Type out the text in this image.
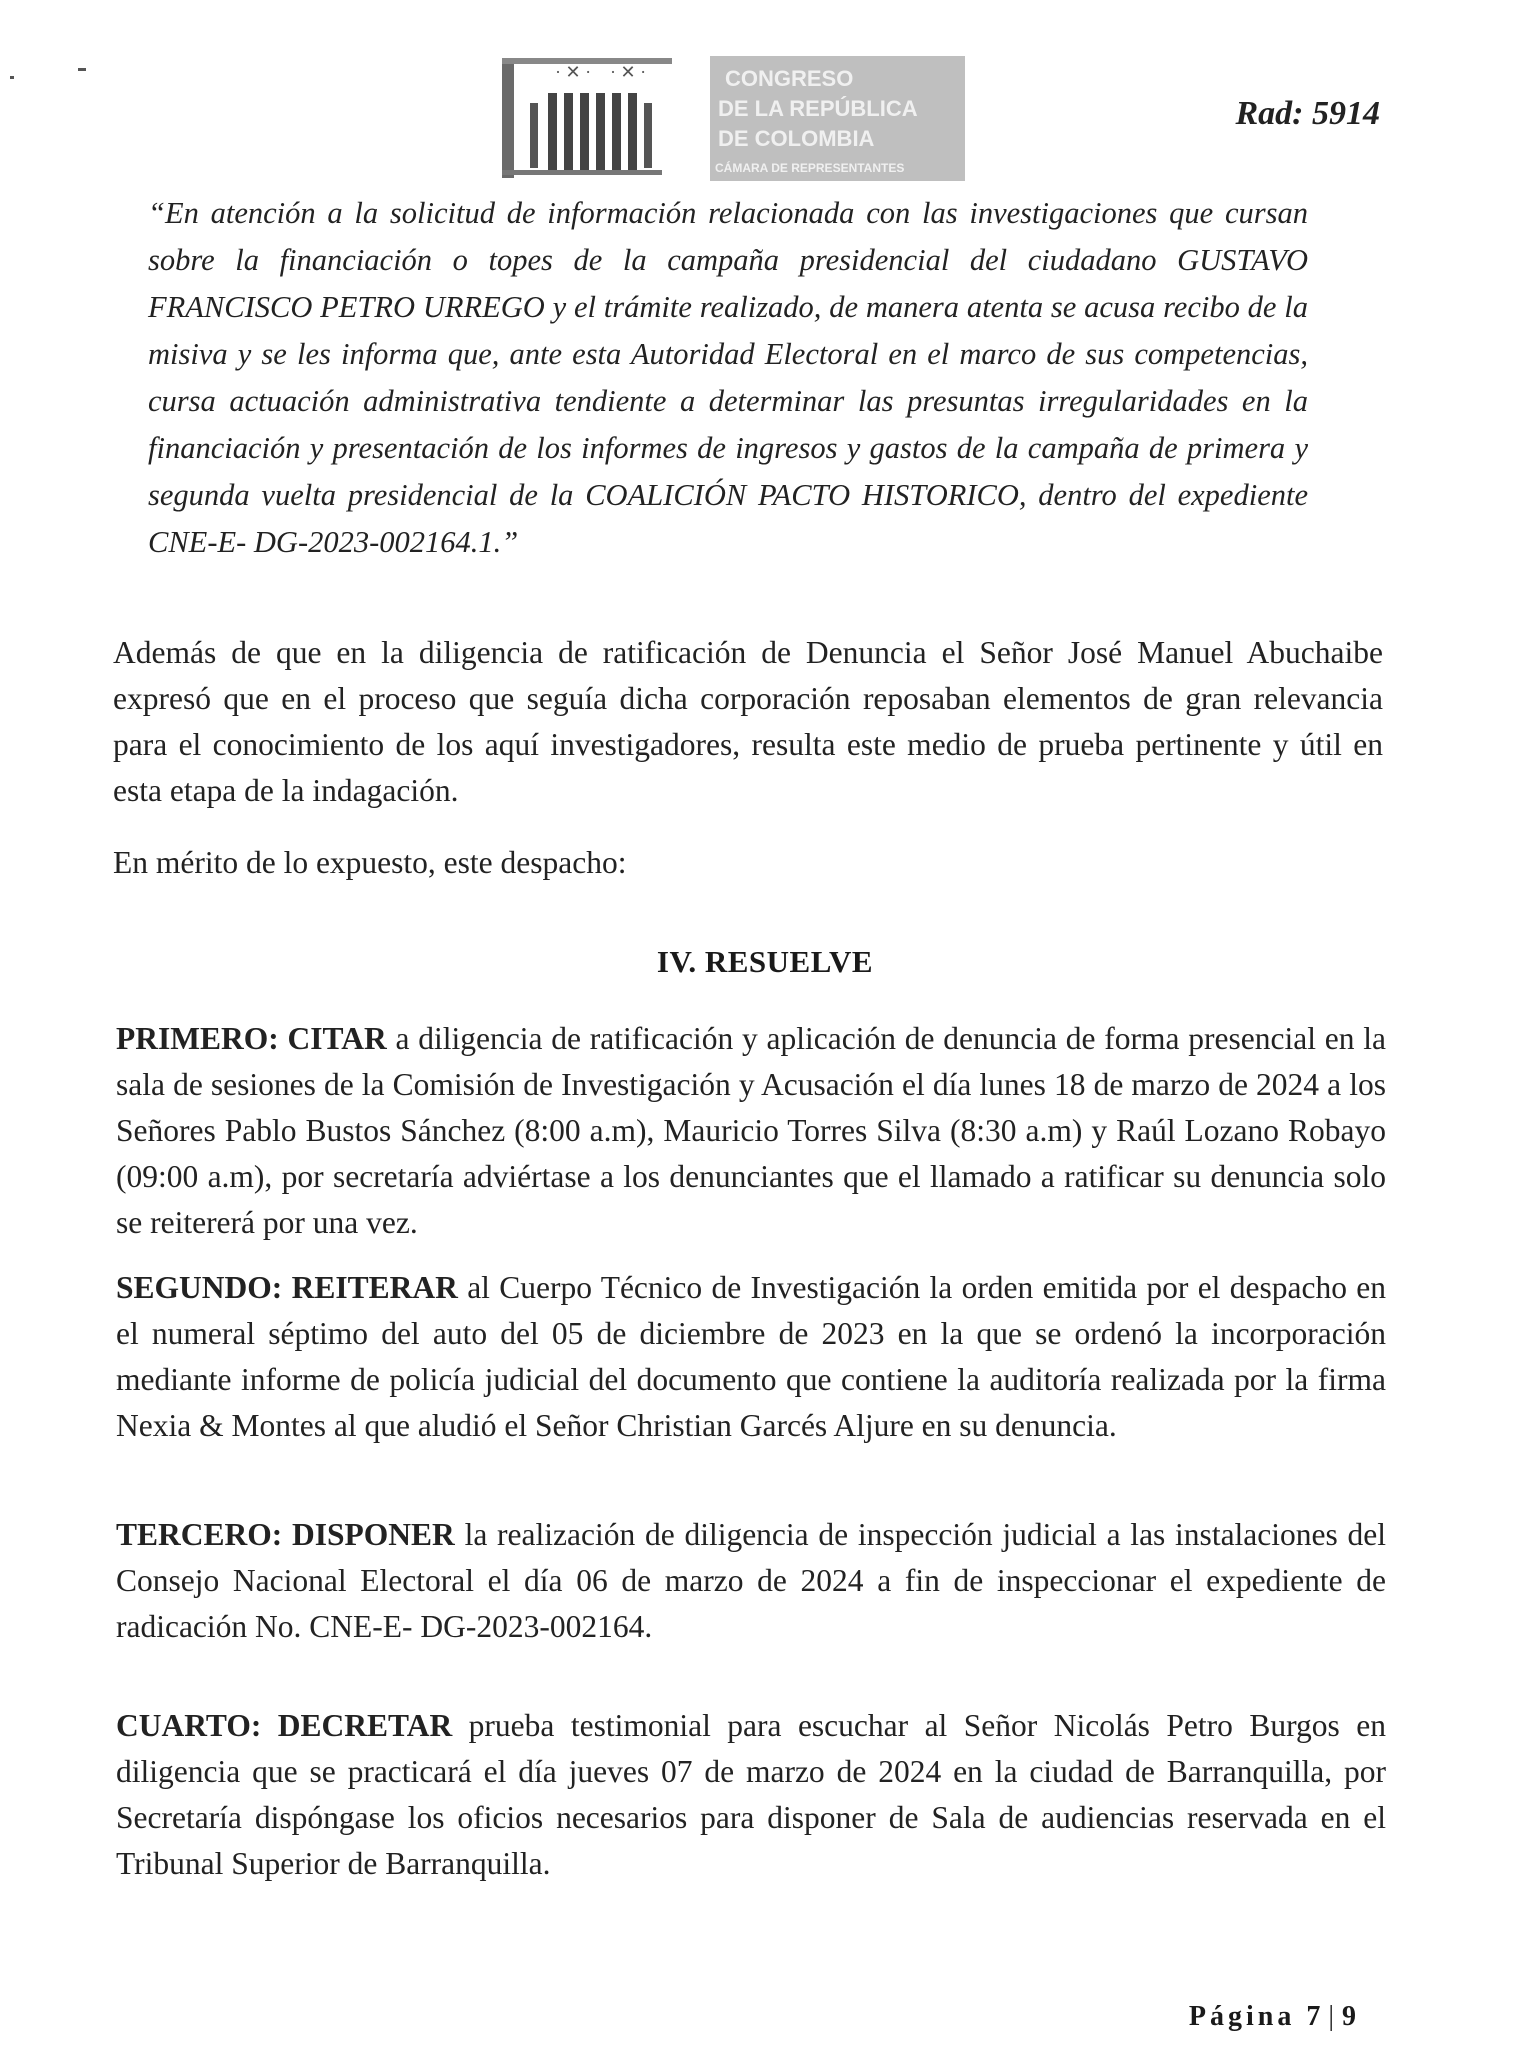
· ✕ · · ✕ ·	CONGRESO
DE LA REPÚBLICA
DE COLOMBIA
CÁMARA DE REPRESENTANTES
Rad: 5914
“En atención a la solicitud de información relacionada con las investigaciones que cursan sobre la financiación o topes de la campaña presidencial del ciudadano GUSTAVO FRANCISCO PETRO URREGO y el trámite realizado, de manera atenta se acusa recibo de la misiva y se les informa que, ante esta Autoridad Electoral en el marco de sus competencias, cursa actuación administrativa tendiente a determinar las presuntas irregularidades en la financiación y presentación de los informes de ingresos y gastos de la campaña de primera y segunda vuelta presidencial de la COALICIÓN PACTO HISTORICO, dentro del expediente CNE-E- DG-2023-002164.1.”
Además de que en la diligencia de ratificación de Denuncia el Señor José Manuel Abuchaibe expresó que en el proceso que seguía dicha corporación reposaban elementos de gran relevancia para el conocimiento de los aquí investigadores, resulta este medio de prueba pertinente y útil en esta etapa de la indagación.
En mérito de lo expuesto, este despacho:
IV. RESUELVE
PRIMERO: CITAR a diligencia de ratificación y aplicación de denuncia de forma presencial en la sala de sesiones de la Comisión de Investigación y Acusación el día lunes 18 de marzo de 2024 a los Señores Pablo Bustos Sánchez (8:00 a.m), Mauricio Torres Silva (8:30 a.m) y Raúl Lozano Robayo (09:00 a.m), por secretaría adviértase a los denunciantes que el llamado a ratificar su denuncia solo se reitererá por una vez.
SEGUNDO: REITERAR al Cuerpo Técnico de Investigación la orden emitida por el despacho en el numeral séptimo del auto del 05 de diciembre de 2023 en la que se ordenó la incorporación mediante informe de policía judicial del documento que contiene la auditoría realizada por la firma Nexia & Montes al que aludió el Señor Christian Garcés Aljure en su denuncia.
TERCERO: DISPONER la realización de diligencia de inspección judicial a las instalaciones del Consejo Nacional Electoral el día 06 de marzo de 2024 a fin de inspeccionar el expediente de radicación No. CNE-E- DG-2023-002164.
CUARTO: DECRETAR prueba testimonial para escuchar al Señor Nicolás Petro Burgos en diligencia que se practicará el día jueves 07 de marzo de 2024 en la ciudad de Barranquilla, por Secretaría dispóngase los oficios necesarios para disponer de Sala de audiencias reservada en el Tribunal Superior de Barranquilla.
Página 7 | 9
